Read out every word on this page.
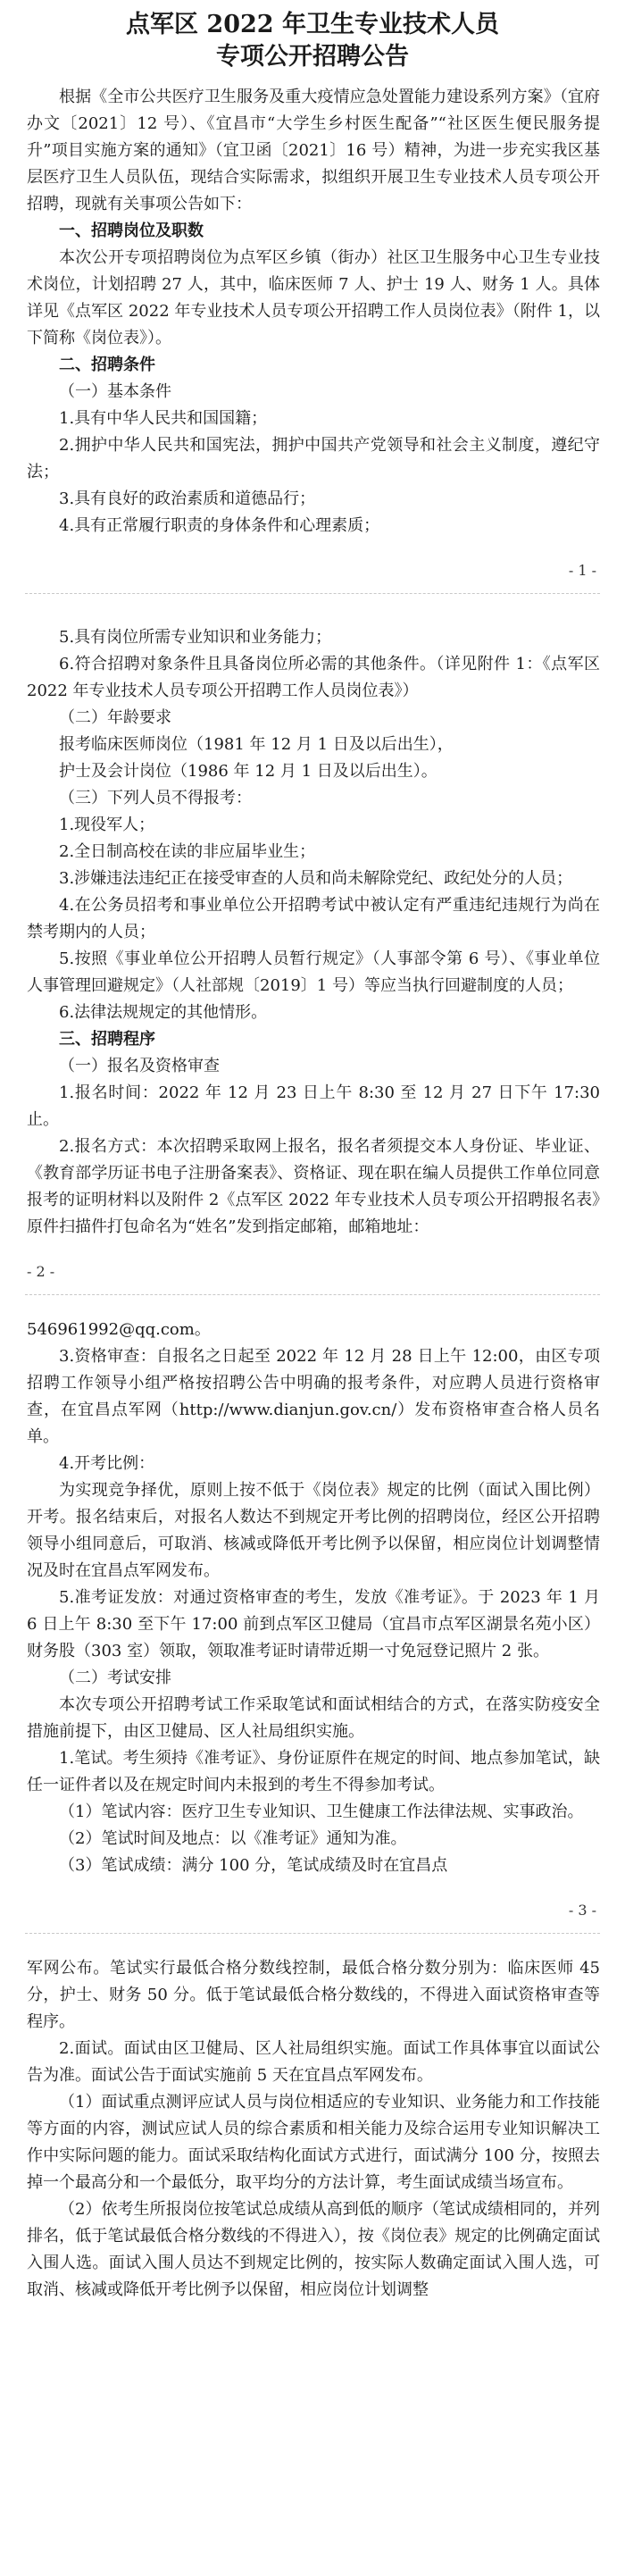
点军区 2022 年卫生专业技术人员
专项公开招聘公告

根据《全市公共医疗卫生服务及重大疫情应急处置能力建设系列方案》（宜府办文〔2021〕12 号）、《宜昌市“大学生乡村医生配备”“社区医生便民服务提升”项目实施方案的通知》（宜卫函〔2021〕16 号）精神，为进一步充实我区基层医疗卫生人员队伍，现结合实际需求，拟组织开展卫生专业技术人员专项公开招聘，现就有关事项公告如下：

一、招聘岗位及职数

本次公开专项招聘岗位为点军区乡镇（街办）社区卫生服务中心卫生专业技术岗位，计划招聘 27 人，其中，临床医师 7 人、护士 19 人、财务 1 人。具体详见《点军区 2022 年专业技术人员专项公开招聘工作人员岗位表》（附件 1，以下简称《岗位表》）。

二、招聘条件

（一）基本条件

1.具有中华人民共和国国籍；

2.拥护中华人民共和国宪法，拥护中国共产党领导和社会主义制度，遵纪守法；

3.具有良好的政治素质和道德品行；

4.具有正常履行职责的身体条件和心理素质；

- 1 -

5.具有岗位所需专业知识和业务能力；

6.符合招聘对象条件且具备岗位所必需的其他条件。（详见附件 1：《点军区 2022 年专业技术人员专项公开招聘工作人员岗位表》）

（二）年龄要求

报考临床医师岗位（1981 年 12 月 1 日及以后出生），

护士及会计岗位（1986 年 12 月 1 日及以后出生）。

（三）下列人员不得报考：

1.现役军人；

2.全日制高校在读的非应届毕业生；

3.涉嫌违法违纪正在接受审查的人员和尚未解除党纪、政纪处分的人员；

4.在公务员招考和事业单位公开招聘考试中被认定有严重违纪违规行为尚在禁考期内的人员；

5.按照《事业单位公开招聘人员暂行规定》（人事部令第 6 号）、《事业单位人事管理回避规定》（人社部规〔2019〕1 号）等应当执行回避制度的人员；

6.法律法规规定的其他情形。

三、招聘程序

（一）报名及资格审查

1.报名时间：2022 年 12 月 23 日上午 8:30 至 12 月 27 日下午 17:30 止。

2.报名方式：本次招聘采取网上报名，报名者须提交本人身份证、毕业证、《教育部学历证书电子注册备案表》、资格证、现在职在编人员提供工作单位同意报考的证明材料以及附件 2《点军区 2022 年专业技术人员专项公开招聘报名表》原件扫描件打包命名为“姓名”发到指定邮箱，邮箱地址：

- 2 -

546961992@qq.com。

3.资格审查：自报名之日起至 2022 年 12 月 28 日上午 12:00，由区专项招聘工作领导小组严格按招聘公告中明确的报考条件，对应聘人员进行资格审查，在宜昌点军网（http://www.dianjun.gov.cn/）发布资格审查合格人员名单。

4.开考比例：

为实现竞争择优，原则上按不低于《岗位表》规定的比例（面试入围比例）开考。报名结束后，对报名人数达不到规定开考比例的招聘岗位，经区公开招聘领导小组同意后，可取消、核减或降低开考比例予以保留，相应岗位计划调整情况及时在宜昌点军网发布。

5.准考证发放：对通过资格审查的考生，发放《准考证》。于 2023 年 1 月 6 日上午 8:30 至下午 17:00 前到点军区卫健局（宜昌市点军区湖景名苑小区）财务股（303 室）领取，领取准考证时请带近期一寸免冠登记照片 2 张。

（二）考试安排

本次专项公开招聘考试工作采取笔试和面试相结合的方式，在落实防疫安全措施前提下，由区卫健局、区人社局组织实施。

1.笔试。考生须持《准考证》、身份证原件在规定的时间、地点参加笔试，缺任一证件者以及在规定时间内未报到的考生不得参加考试。

（1）笔试内容：医疗卫生专业知识、卫生健康工作法律法规、实事政治。

（2）笔试时间及地点：以《准考证》通知为准。

（3）笔试成绩：满分 100 分，笔试成绩及时在宜昌点

- 3 -

军网公布。笔试实行最低合格分数线控制，最低合格分数分别为：临床医师 45 分，护士、财务 50 分。低于笔试最低合格分数线的，不得进入面试资格审查等程序。

2.面试。面试由区卫健局、区人社局组织实施。面试工作具体事宜以面试公告为准。面试公告于面试实施前 5 天在宜昌点军网发布。

（1）面试重点测评应试人员与岗位相适应的专业知识、业务能力和工作技能等方面的内容，测试应试人员的综合素质和相关能力及综合运用专业知识解决工作中实际问题的能力。面试采取结构化面试方式进行，面试满分 100 分，按照去掉一个最高分和一个最低分，取平均分的方法计算，考生面试成绩当场宣布。

（2）依考生所报岗位按笔试总成绩从高到低的顺序（笔试成绩相同的，并列排名，低于笔试最低合格分数线的不得进入），按《岗位表》规定的比例确定面试入围人选。面试入围人员达不到规定比例的，按实际人数确定面试入围人选，可取消、核减或降低开考比例予以保留，相应岗位计划调整
